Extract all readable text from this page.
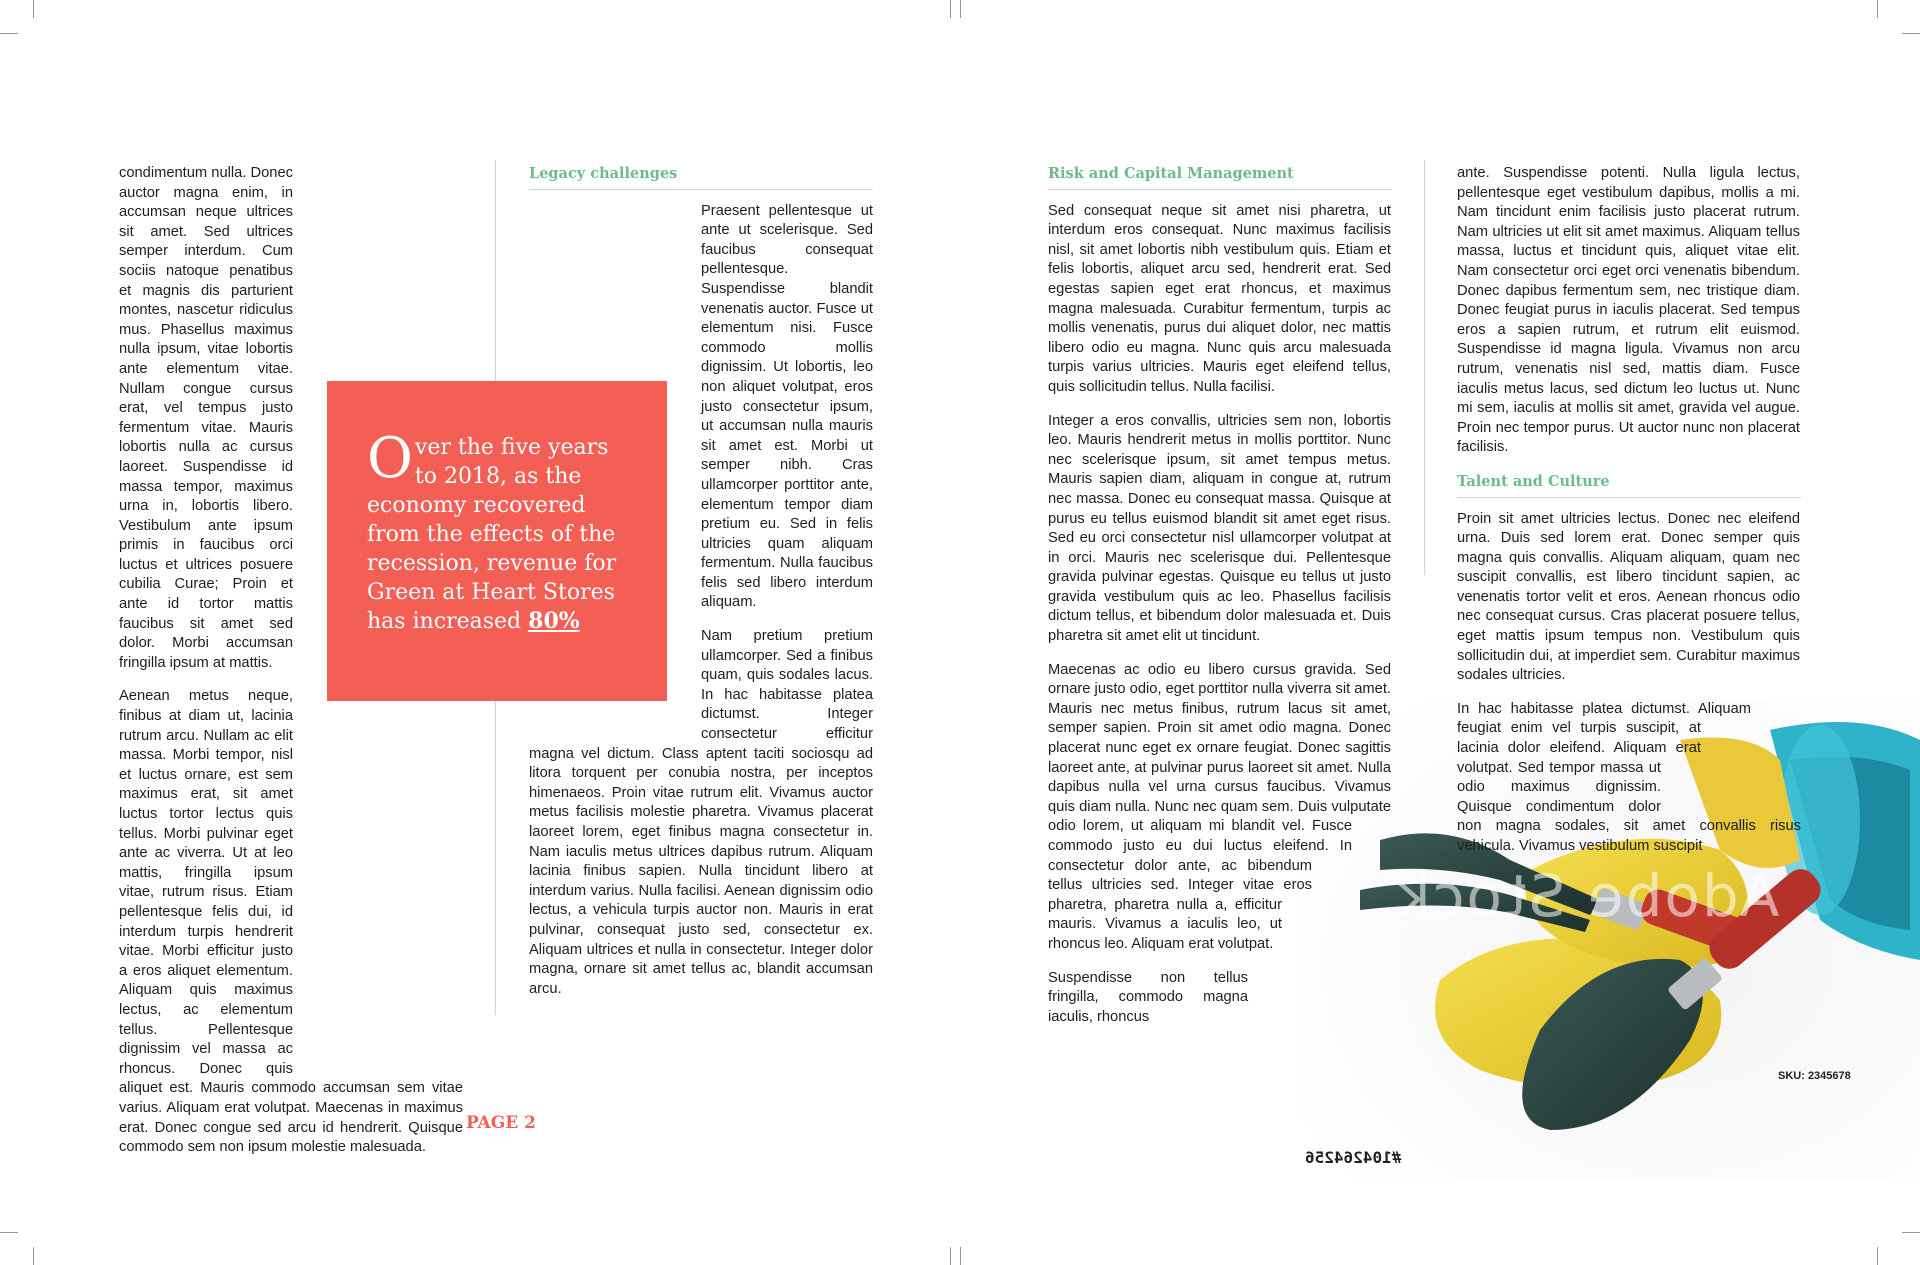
condimentum nulla. Donec auctor magna enim, in accumsan neque ultrices sit amet. Sed ultrices semper interdum. Cum sociis natoque penatibus et magnis dis parturient montes, nascetur ridiculus mus. Phasellus maximus nulla ipsum, vitae lobortis ante elementum vitae. Nullam congue cursus erat, vel tempus justo fermentum vitae. Mauris lobortis nulla ac cursus laoreet. Suspendisse id massa tempor, maximus urna in, lobortis libero. Vestibulum ante ipsum primis in faucibus orci luctus et ultrices posuere cubilia Curae; Proin et ante id tortor mattis faucibus sit amet sed dolor. Morbi accumsan fringilla ipsum at mattis.

Aenean metus neque, finibus at diam ut, lacinia rutrum arcu. Nullam ac elit massa. Morbi tempor, nisl et luctus ornare, est sem maximus erat, sit amet luctus tortor lectus quis tellus. Morbi pulvinar eget ante ac viverra. Ut at leo mattis, fringilla ipsum vitae, rutrum risus. Etiam pellentesque felis dui, id interdum turpis hendrerit vitae. Morbi efficitur justo a eros aliquet elementum. Aliquam quis maximus lectus, ac elementum tellus. Pellentesque dignissim vel massa ac rhoncus. Donec quis aliquet est. Mauris commodo accumsan sem vitae varius. Aliquam erat volutpat. Maecenas in maximus erat. Donec congue sed arcu id hendrerit. Quisque commodo sem non ipsum molestie malesuada.

Legacy challenges

Praesent pellentesque ut ante ut scelerisque. Sed faucibus consequat pellentesque. Suspendisse blandit venenatis auctor. Fusce ut elementum nisi. Fusce commodo mollis dignissim. Ut lobortis, leo non aliquet volutpat, eros justo consectetur ipsum, ut accumsan nulla mauris sit amet est. Morbi ut semper nibh. Cras ullamcorper porttitor ante, elementum tempor diam pretium eu. Sed in felis ultricies quam aliquam fermentum. Nulla faucibus felis sed libero interdum aliquam.

Nam pretium pretium ullamcorper. Sed a finibus quam, quis sodales lacus. In hac habitasse platea dictumst. Integer consectetur efficitur magna vel dictum. Class aptent taciti sociosqu ad litora torquent per conubia nostra, per inceptos himenaeos. Proin vitae rutrum elit. Vivamus auctor metus facilisis molestie pharetra. Vivamus placerat laoreet lorem, eget finibus magna consectetur in. Nam iaculis metus ultrices dapibus rutrum. Aliquam lacinia finibus sapien. Nulla tincidunt libero at interdum varius. Nulla facilisi. Aenean dignissim odio lectus, a vehicula turpis auctor non. Mauris in erat pulvinar, consequat justo sed, consectetur ex. Aliquam ultrices et nulla in consectetur. Integer dolor magna, ornare sit amet tellus ac, blandit accumsan arcu.

Over the five years to 2018, as the economy recovered from the effects of the recession, revenue for Green at Heart Stores has increased 80%
PAGE 2
Adobe Stock
SKU: 2345678
#104264256
Risk and Capital Management

Sed consequat neque sit amet nisi pharetra, ut interdum eros consequat. Nunc maximus facilisis nisl, sit amet lobortis nibh vestibulum quis. Etiam et felis lobortis, aliquet arcu sed, hendrerit erat. Sed egestas sapien eget erat rhoncus, et maximus magna malesuada. Curabitur fermentum, turpis ac mollis venenatis, purus dui aliquet dolor, nec mattis libero odio eu magna. Nunc quis arcu malesuada turpis varius ultricies. Mauris eget eleifend tellus, quis sollicitudin tellus. Nulla facilisi.

Integer a eros convallis, ultricies sem non, lobortis leo. Mauris hendrerit metus in mollis porttitor. Nunc nec scelerisque ipsum, sit amet tempus metus. Mauris sapien diam, aliquam in congue at, rutrum nec massa. Donec eu consequat massa. Quisque at purus eu tellus euismod blandit sit amet eget risus. Sed eu orci consectetur nisl ullamcorper volutpat at in orci. Mauris nec scelerisque dui. Pellentesque gravida pulvinar egestas. Quisque eu tellus ut justo gravida vestibulum quis ac leo. Phasellus facilisis dictum tellus, et bibendum dolor malesuada et. Duis pharetra sit amet elit ut tincidunt.

Maecenas ac odio eu libero cursus gravida. Sed ornare justo odio, eget porttitor nulla viverra sit amet. Mauris nec metus finibus, rutrum lacus sit amet, semper sapien. Proin sit amet odio magna. Donec placerat nunc eget ex ornare feugiat. Donec sagittis laoreet ante, at pulvinar purus laoreet sit amet. Nulla dapibus nulla vel urna cursus faucibus. Vivamus quis diam nulla. Nunc nec quam sem. Duis vulputate odio lorem, ut aliquam mi blandit vel. Fusce commodo justo eu dui luctus eleifend. In consectetur dolor ante, ac bibendum tellus ultricies sed. Integer vitae eros pharetra, pharetra nulla a, efficitur mauris. Vivamus a iaculis leo, ut rhoncus leo. Aliquam erat volutpat.

Suspendisse non tellus fringilla, commodo magna iaculis, rhoncus

ante. Suspendisse potenti. Nulla ligula lectus, pellentesque eget vestibulum dapibus, mollis a mi. Nam tincidunt enim facilisis justo placerat rutrum. Nam ultricies ut elit sit amet maximus. Aliquam tellus massa, luctus et tincidunt quis, aliquet vitae elit. Nam consectetur orci eget orci venenatis bibendum. Donec dapibus fermentum sem, nec tristique diam. Donec feugiat purus in iaculis placerat. Sed tempus eros a sapien rutrum, et rutrum elit euismod. Suspendisse id magna ligula. Vivamus non arcu rutrum, venenatis nisl sed, mattis diam. Fusce iaculis metus lacus, sed dictum leo luctus ut. Nunc mi sem, iaculis at mollis sit amet, gravida vel augue. Proin nec tempor purus. Ut auctor nunc non placerat facilisis.

Talent and Culture

Proin sit amet ultricies lectus. Donec nec eleifend urna. Duis sed lorem erat. Donec semper quis magna quis convallis. Aliquam aliquam, quam nec suscipit convallis, est libero tincidunt sapien, ac venenatis tortor velit et eros. Aenean rhoncus odio nec consequat cursus. Cras placerat posuere tellus, eget mattis ipsum tempus non. Vestibulum quis sollicitudin dui, at imperdiet sem. Curabitur maximus sodales ultricies.

In hac habitasse platea dictumst. Aliquam feugiat enim vel turpis suscipit, at lacinia dolor eleifend. Aliquam erat volutpat. Sed tempor massa ut odio maximus dignissim. Quisque condimentum dolor non magna sodales, sit amet convallis risus vehicula. Vivamus vestibulum suscipit
